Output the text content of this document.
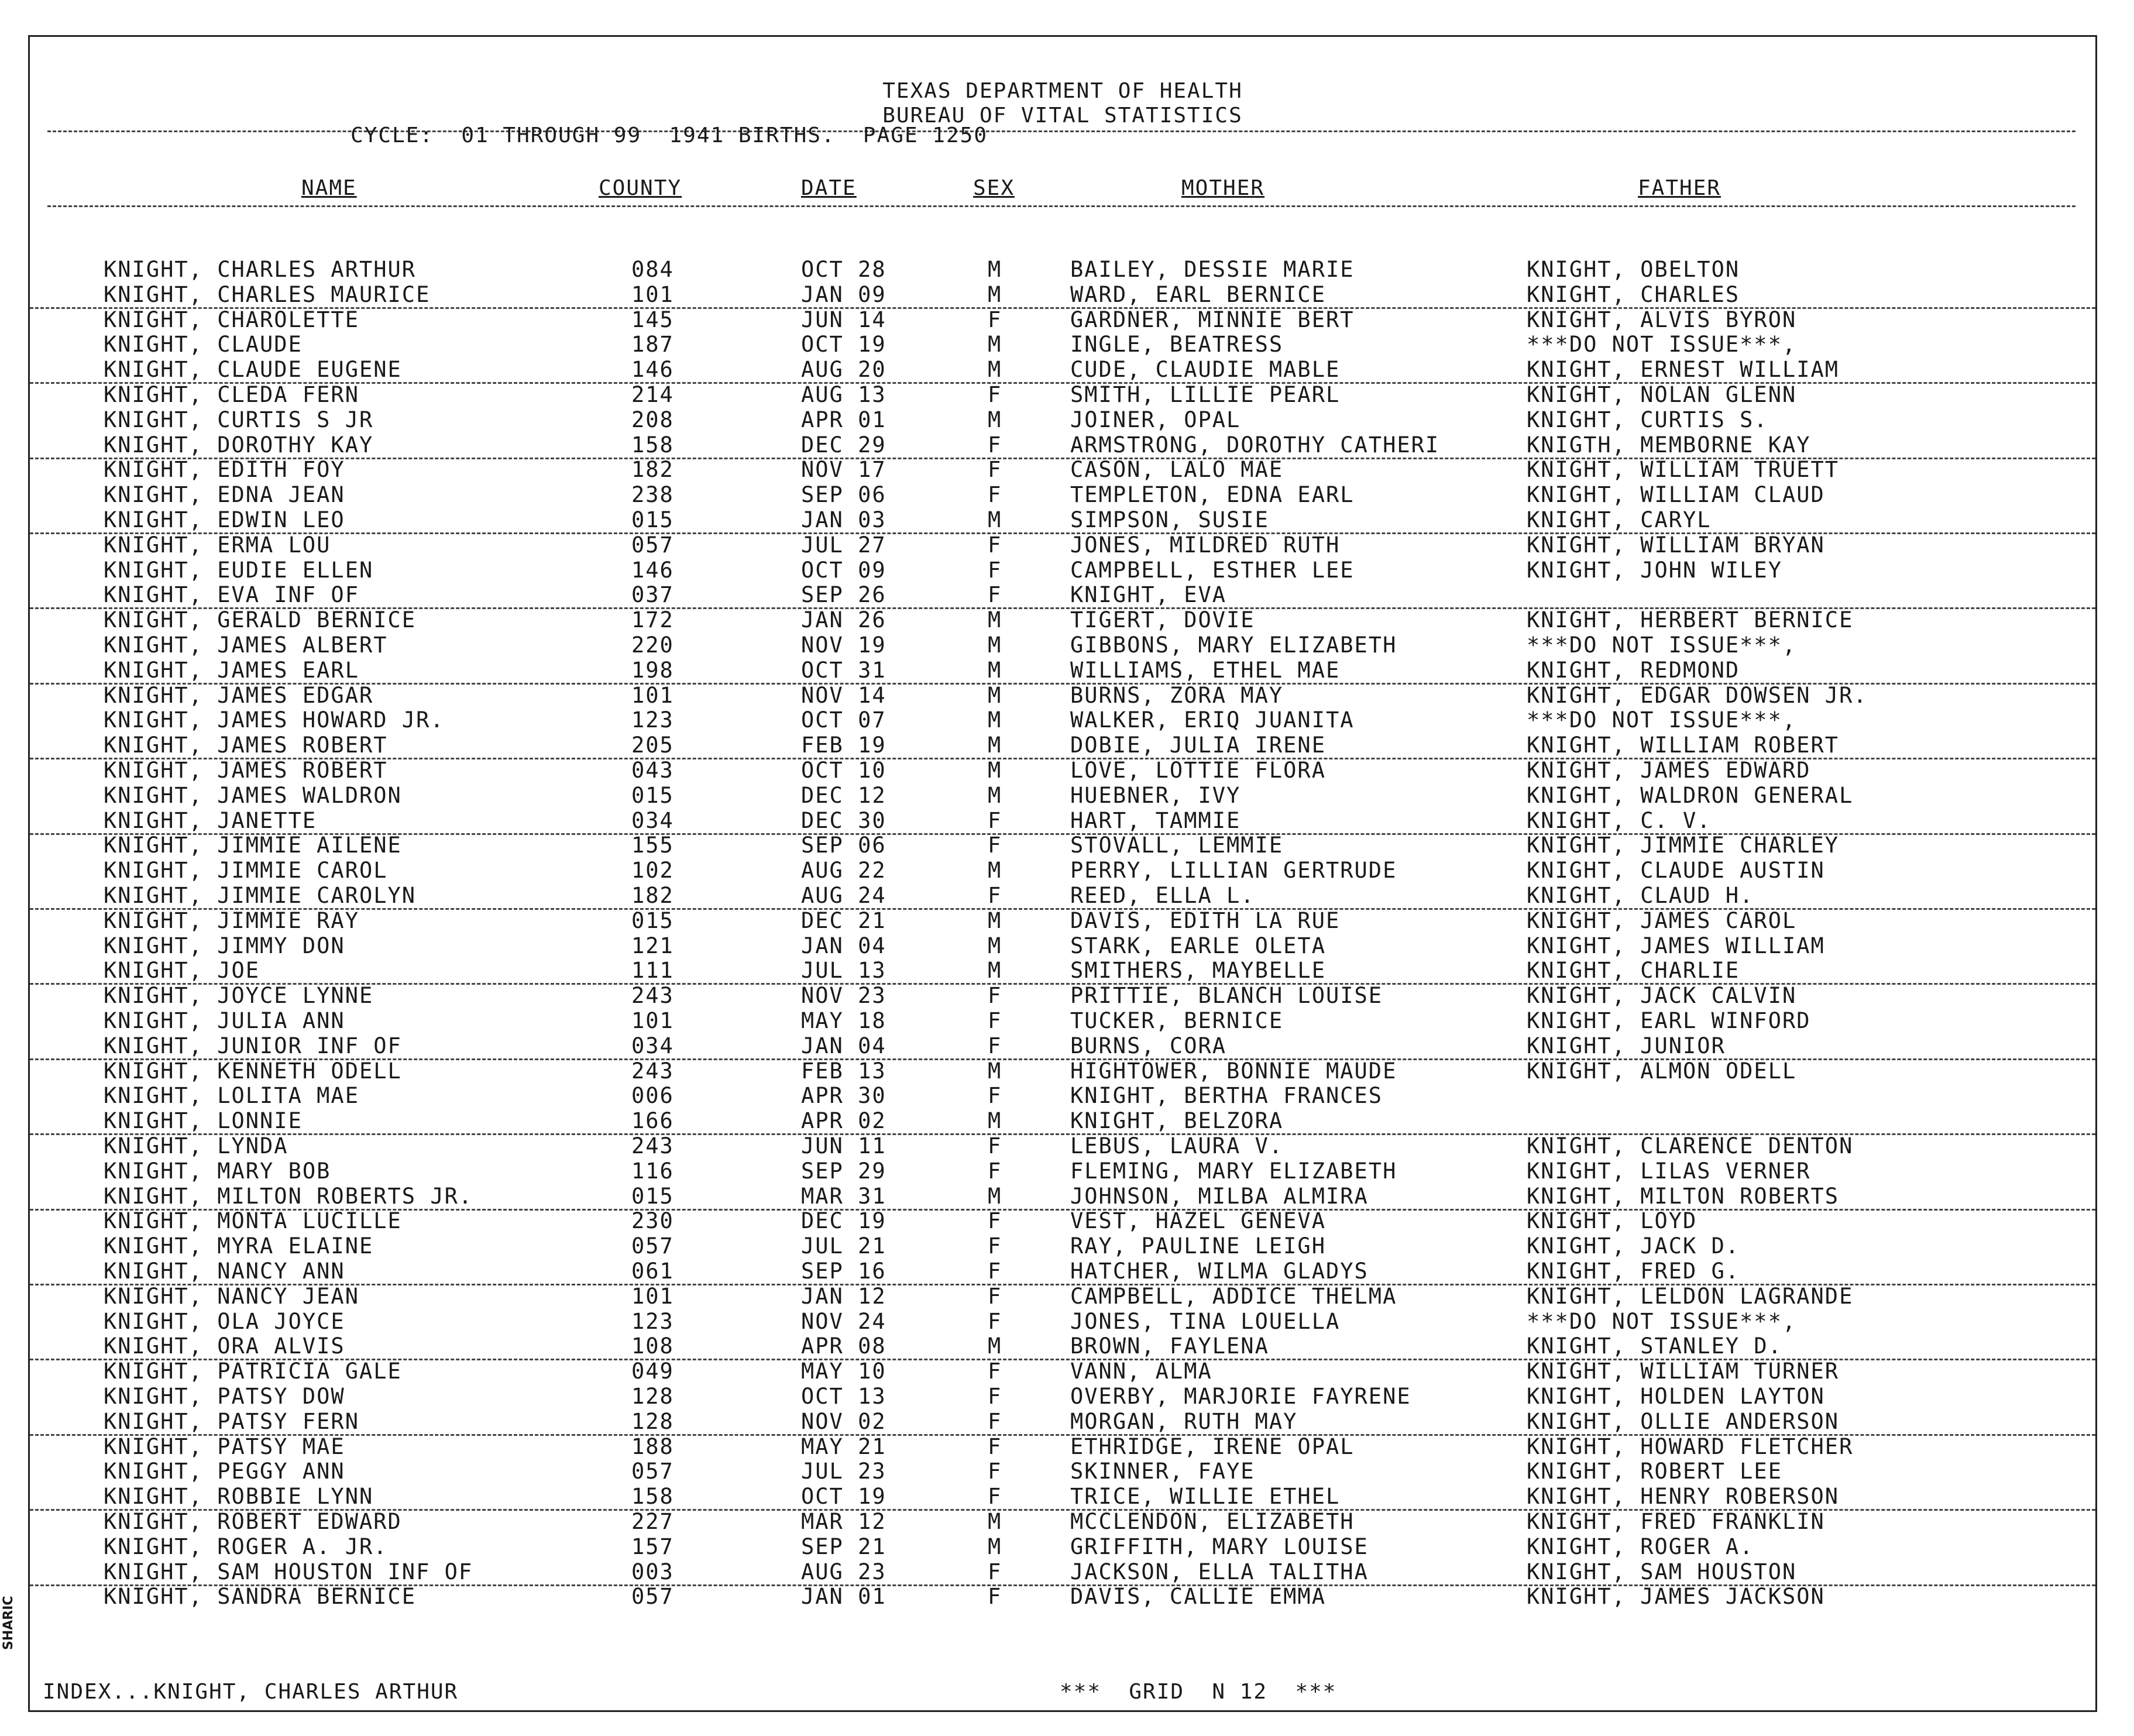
TEXAS DEPARTMENT OF HEALTH
BUREAU OF VITAL STATISTICS
CYCLE:  01 THROUGH 99  1941 BIRTHS.  PAGE 1250
NAME	COUNTY	DATE	SEX	MOTHER	FATHER
KNIGHT, CHARLES ARTHUR	084	OCT 28	M	BAILEY, DESSIE MARIE	KNIGHT, OBELTON
KNIGHT, CHARLES MAURICE	101	JAN 09	M	WARD, EARL BERNICE	KNIGHT, CHARLES
KNIGHT, CHAROLETTE	145	JUN 14	F	GARDNER, MINNIE BERT	KNIGHT, ALVIS BYRON
KNIGHT, CLAUDE	187	OCT 19	M	INGLE, BEATRESS	***DO NOT ISSUE***,
KNIGHT, CLAUDE EUGENE	146	AUG 20	M	CUDE, CLAUDIE MABLE	KNIGHT, ERNEST WILLIAM
KNIGHT, CLEDA FERN	214	AUG 13	F	SMITH, LILLIE PEARL	KNIGHT, NOLAN GLENN
KNIGHT, CURTIS S JR	208	APR 01	M	JOINER, OPAL	KNIGHT, CURTIS S.
KNIGHT, DOROTHY KAY	158	DEC 29	F	ARMSTRONG, DOROTHY CATHERI	KNIGTH, MEMBORNE KAY
KNIGHT, EDITH FOY	182	NOV 17	F	CASON, LALO MAE	KNIGHT, WILLIAM TRUETT
KNIGHT, EDNA JEAN	238	SEP 06	F	TEMPLETON, EDNA EARL	KNIGHT, WILLIAM CLAUD
KNIGHT, EDWIN LEO	015	JAN 03	M	SIMPSON, SUSIE	KNIGHT, CARYL
KNIGHT, ERMA LOU	057	JUL 27	F	JONES, MILDRED RUTH	KNIGHT, WILLIAM BRYAN
KNIGHT, EUDIE ELLEN	146	OCT 09	F	CAMPBELL, ESTHER LEE	KNIGHT, JOHN WILEY
KNIGHT, EVA INF OF	037	SEP 26	F	KNIGHT, EVA
KNIGHT, GERALD BERNICE	172	JAN 26	M	TIGERT, DOVIE	KNIGHT, HERBERT BERNICE
KNIGHT, JAMES ALBERT	220	NOV 19	M	GIBBONS, MARY ELIZABETH	***DO NOT ISSUE***,
KNIGHT, JAMES EARL	198	OCT 31	M	WILLIAMS, ETHEL MAE	KNIGHT, REDMOND
KNIGHT, JAMES EDGAR	101	NOV 14	M	BURNS, ZORA MAY	KNIGHT, EDGAR DOWSEN JR.
KNIGHT, JAMES HOWARD JR.	123	OCT 07	M	WALKER, ERIQ JUANITA	***DO NOT ISSUE***,
KNIGHT, JAMES ROBERT	205	FEB 19	M	DOBIE, JULIA IRENE	KNIGHT, WILLIAM ROBERT
KNIGHT, JAMES ROBERT	043	OCT 10	M	LOVE, LOTTIE FLORA	KNIGHT, JAMES EDWARD
KNIGHT, JAMES WALDRON	015	DEC 12	M	HUEBNER, IVY	KNIGHT, WALDRON GENERAL
KNIGHT, JANETTE	034	DEC 30	F	HART, TAMMIE	KNIGHT, C. V.
KNIGHT, JIMMIE AILENE	155	SEP 06	F	STOVALL, LEMMIE	KNIGHT, JIMMIE CHARLEY
KNIGHT, JIMMIE CAROL	102	AUG 22	M	PERRY, LILLIAN GERTRUDE	KNIGHT, CLAUDE AUSTIN
KNIGHT, JIMMIE CAROLYN	182	AUG 24	F	REED, ELLA L.	KNIGHT, CLAUD H.
KNIGHT, JIMMIE RAY	015	DEC 21	M	DAVIS, EDITH LA RUE	KNIGHT, JAMES CAROL
KNIGHT, JIMMY DON	121	JAN 04	M	STARK, EARLE OLETA	KNIGHT, JAMES WILLIAM
KNIGHT, JOE	111	JUL 13	M	SMITHERS, MAYBELLE	KNIGHT, CHARLIE
KNIGHT, JOYCE LYNNE	243	NOV 23	F	PRITTIE, BLANCH LOUISE	KNIGHT, JACK CALVIN
KNIGHT, JULIA ANN	101	MAY 18	F	TUCKER, BERNICE	KNIGHT, EARL WINFORD
KNIGHT, JUNIOR INF OF	034	JAN 04	F	BURNS, CORA	KNIGHT, JUNIOR
KNIGHT, KENNETH ODELL	243	FEB 13	M	HIGHTOWER, BONNIE MAUDE	KNIGHT, ALMON ODELL
KNIGHT, LOLITA MAE	006	APR 30	F	KNIGHT, BERTHA FRANCES
KNIGHT, LONNIE	166	APR 02	M	KNIGHT, BELZORA
KNIGHT, LYNDA	243	JUN 11	F	LEBUS, LAURA V.	KNIGHT, CLARENCE DENTON
KNIGHT, MARY BOB	116	SEP 29	F	FLEMING, MARY ELIZABETH	KNIGHT, LILAS VERNER
KNIGHT, MILTON ROBERTS JR.	015	MAR 31	M	JOHNSON, MILBA ALMIRA	KNIGHT, MILTON ROBERTS
KNIGHT, MONTA LUCILLE	230	DEC 19	F	VEST, HAZEL GENEVA	KNIGHT, LOYD
KNIGHT, MYRA ELAINE	057	JUL 21	F	RAY, PAULINE LEIGH	KNIGHT, JACK D.
KNIGHT, NANCY ANN	061	SEP 16	F	HATCHER, WILMA GLADYS	KNIGHT, FRED G.
KNIGHT, NANCY JEAN	101	JAN 12	F	CAMPBELL, ADDICE THELMA	KNIGHT, LELDON LAGRANDE
KNIGHT, OLA JOYCE	123	NOV 24	F	JONES, TINA LOUELLA	***DO NOT ISSUE***,
KNIGHT, ORA ALVIS	108	APR 08	M	BROWN, FAYLENA	KNIGHT, STANLEY D.
KNIGHT, PATRICIA GALE	049	MAY 10	F	VANN, ALMA	KNIGHT, WILLIAM TURNER
KNIGHT, PATSY DOW	128	OCT 13	F	OVERBY, MARJORIE FAYRENE	KNIGHT, HOLDEN LAYTON
KNIGHT, PATSY FERN	128	NOV 02	F	MORGAN, RUTH MAY	KNIGHT, OLLIE ANDERSON
KNIGHT, PATSY MAE	188	MAY 21	F	ETHRIDGE, IRENE OPAL	KNIGHT, HOWARD FLETCHER
KNIGHT, PEGGY ANN	057	JUL 23	F	SKINNER, FAYE	KNIGHT, ROBERT LEE
KNIGHT, ROBBIE LYNN	158	OCT 19	F	TRICE, WILLIE ETHEL	KNIGHT, HENRY ROBERSON
KNIGHT, ROBERT EDWARD	227	MAR 12	M	MCCLENDON, ELIZABETH	KNIGHT, FRED FRANKLIN
KNIGHT, ROGER A. JR.	157	SEP 21	M	GRIFFITH, MARY LOUISE	KNIGHT, ROGER A.
KNIGHT, SAM HOUSTON INF OF	003	AUG 23	F	JACKSON, ELLA TALITHA	KNIGHT, SAM HOUSTON
KNIGHT, SANDRA BERNICE	057	JAN 01	F	DAVIS, CALLIE EMMA	KNIGHT, JAMES JACKSON
INDEX...KNIGHT, CHARLES ARTHUR	***  GRID  N 12  ***
SHARIC
